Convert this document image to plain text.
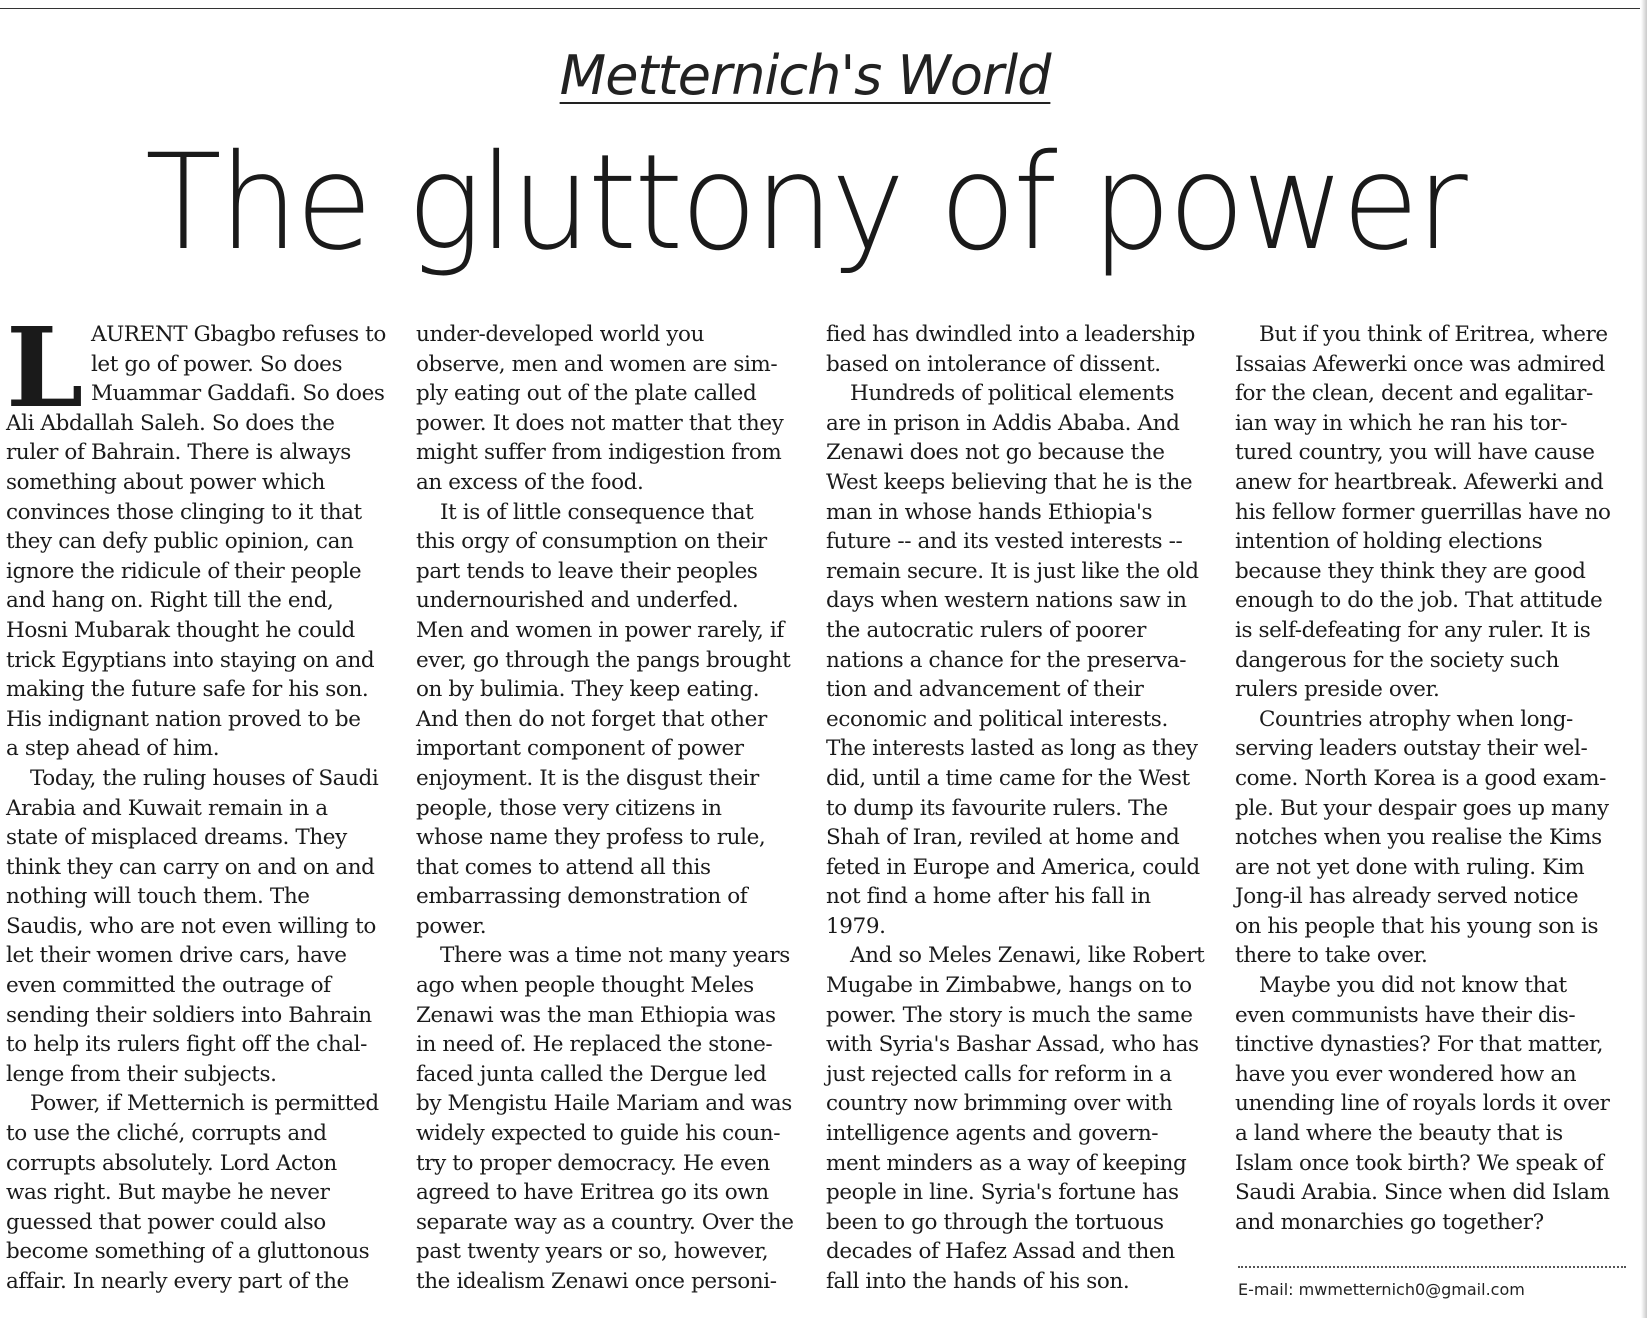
Metternich's World
The gluttony of power
L AURENT Gbagbo refuses to
let go of power. So does
Muammar Gaddafi. So does
Ali Abdallah Saleh. So does the
ruler of Bahrain. There is always
something about power which
convinces those clinging to it that
they can defy public opinion, can
ignore the ridicule of their people
and hang on. Right till the end,
Hosni Mubarak thought he could
trick Egyptians into staying on and
making the future safe for his son.
His indignant nation proved to be
a step ahead of him.
Today, the ruling houses of Saudi
Arabia and Kuwait remain in a
state of misplaced dreams. They
think they can carry on and on and
nothing will touch them. The
Saudis, who are not even willing to
let their women drive cars, have
even committed the outrage of
sending their soldiers into Bahrain
to help its rulers fight off the chal-
lenge from their subjects.
Power, if Metternich is permitted
to use the cliché, corrupts and
corrupts absolutely. Lord Acton
was right. But maybe he never
guessed that power could also
become something of a gluttonous
affair. In nearly every part of the
under-developed world you
observe, men and women are sim-
ply eating out of the plate called
power. It does not matter that they
might suffer from indigestion from
an excess of the food.
It is of little consequence that
this orgy of consumption on their
part tends to leave their peoples
undernourished and underfed.
Men and women in power rarely, if
ever, go through the pangs brought
on by bulimia. They keep eating.
And then do not forget that other
important component of power
enjoyment. It is the disgust their
people, those very citizens in
whose name they profess to rule,
that comes to attend all this
embarrassing demonstration of
power.
There was a time not many years
ago when people thought Meles
Zenawi was the man Ethiopia was
in need of. He replaced the stone-
faced junta called the Dergue led
by Mengistu Haile Mariam and was
widely expected to guide his coun-
try to proper democracy. He even
agreed to have Eritrea go its own
separate way as a country. Over the
past twenty years or so, however,
the idealism Zenawi once personi-
fied has dwindled into a leadership
based on intolerance of dissent.
Hundreds of political elements
are in prison in Addis Ababa. And
Zenawi does not go because the
West keeps believing that he is the
man in whose hands Ethiopia's
future -- and its vested interests --
remain secure. It is just like the old
days when western nations saw in
the autocratic rulers of poorer
nations a chance for the preserva-
tion and advancement of their
economic and political interests.
The interests lasted as long as they
did, until a time came for the West
to dump its favourite rulers. The
Shah of Iran, reviled at home and
feted in Europe and America, could
not find a home after his fall in
1979.
And so Meles Zenawi, like Robert
Mugabe in Zimbabwe, hangs on to
power. The story is much the same
with Syria's Bashar Assad, who has
just rejected calls for reform in a
country now brimming over with
intelligence agents and govern-
ment minders as a way of keeping
people in line. Syria's fortune has
been to go through the tortuous
decades of Hafez Assad and then
fall into the hands of his son.
But if you think of Eritrea, where
Issaias Afewerki once was admired
for the clean, decent and egalitar-
ian way in which he ran his tor-
tured country, you will have cause
anew for heartbreak. Afewerki and
his fellow former guerrillas have no
intention of holding elections
because they think they are good
enough to do the job. That attitude
is self-defeating for any ruler. It is
dangerous for the society such
rulers preside over.
Countries atrophy when long-
serving leaders outstay their wel-
come. North Korea is a good exam-
ple. But your despair goes up many
notches when you realise the Kims
are not yet done with ruling. Kim
Jong-il has already served notice
on his people that his young son is
there to take over.
Maybe you did not know that
even communists have their dis-
tinctive dynasties? For that matter,
have you ever wondered how an
unending line of royals lords it over
a land where the beauty that is
Islam once took birth? We speak of
Saudi Arabia. Since when did Islam
and monarchies go together?
E-mail: mwmetternich0@gmail.com
